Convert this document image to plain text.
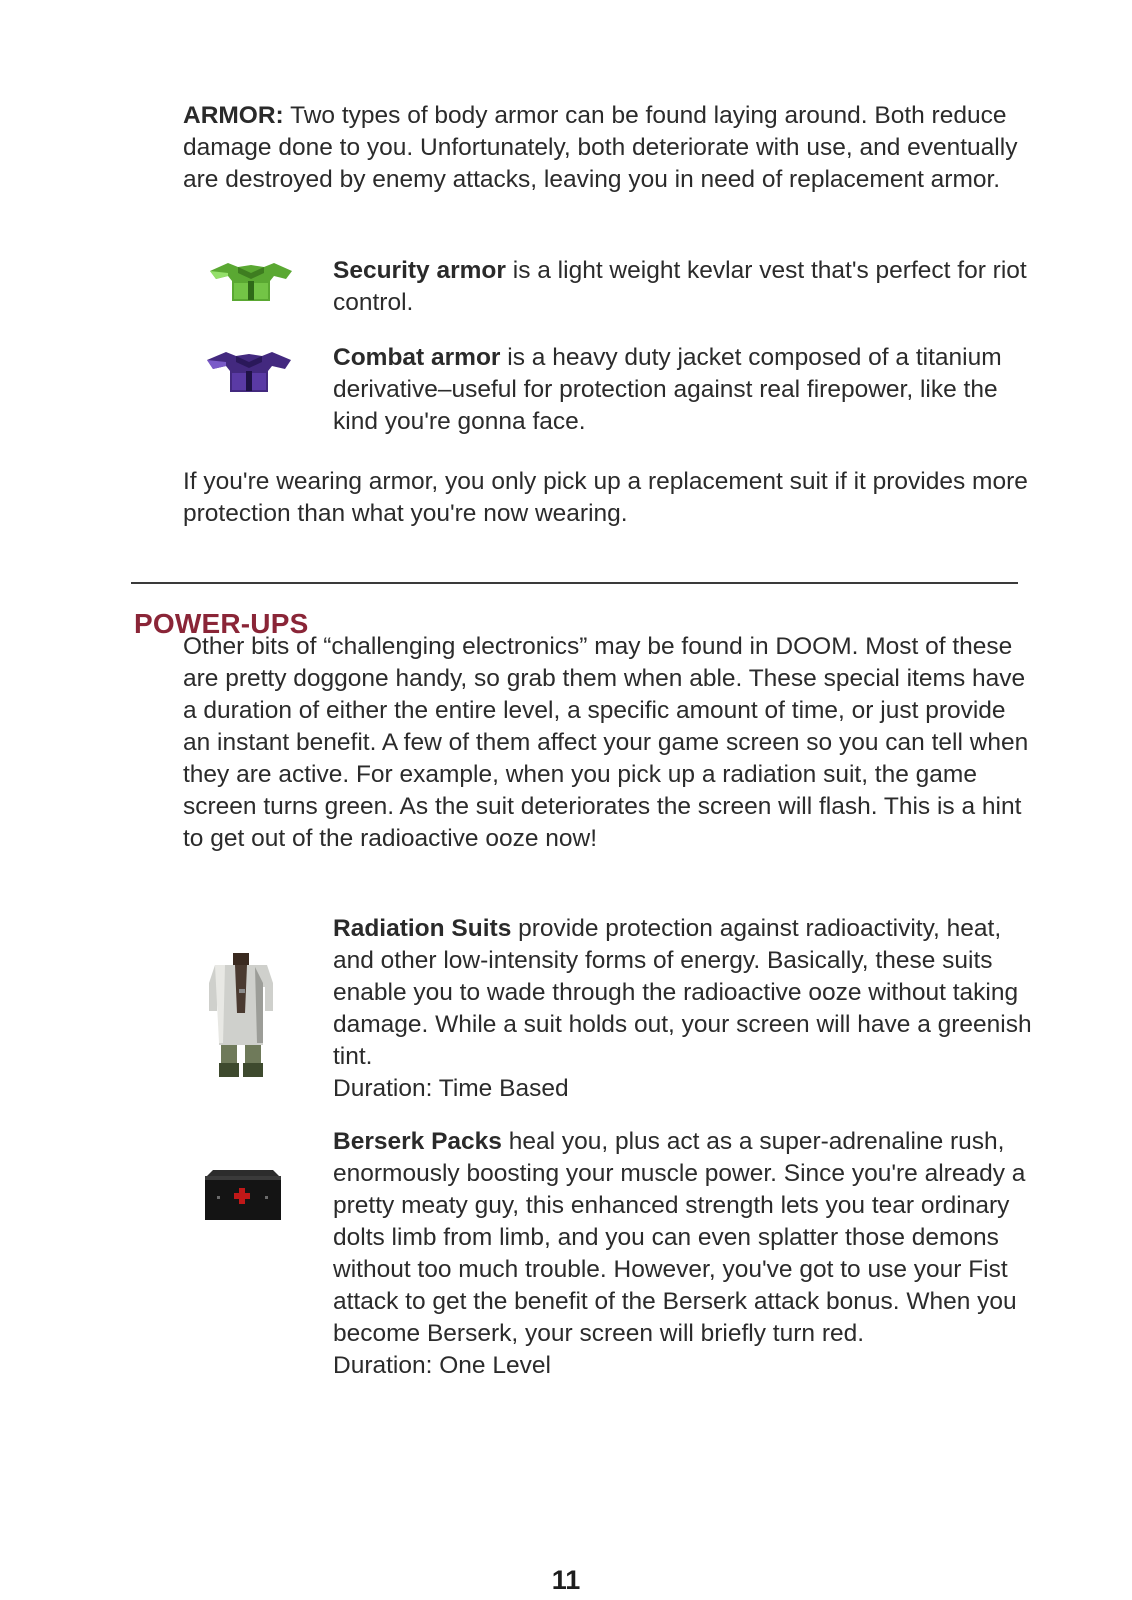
ARMOR: Two types of body armor can be found laying around. Both reduce damage done to you. Unfortunately, both deteriorate with use, and eventually are destroyed by enemy attacks, leaving you in need of replacement armor.

Security armor is a light weight kevlar vest that's perfect for riot control.

Combat armor is a heavy duty jacket composed of a titanium derivative–useful for protection against real firepower, like the kind you're gonna face.

If you're wearing armor, you only pick up a replacement suit if it provides more protection than what you're now wearing.

POWER-UPS

Other bits of “challenging electronics” may be found in DOOM. Most of these are pretty doggone handy, so grab them when able. These special items have a duration of either the entire level, a specific amount of time, or just provide an instant benefit. A few of them affect your game screen so you can tell when they are active. For example, when you pick up a radiation suit, the game screen turns green. As the suit deteriorates the screen will flash. This is a hint to get out of the radioactive ooze now!

Radiation Suits provide protection against radioactivity, heat, and other low-intensity forms of energy. Basically, these suits enable you to wade through the radioactive ooze without taking damage. While a suit holds out, your screen will have a greenish tint.

Duration: Time Based

Berserk Packs heal you, plus act as a super-adrenaline rush, enormously boosting your muscle power. Since you're already a pretty meaty guy, this enhanced strength lets you tear ordinary dolts limb from limb, and you can even splatter those demons without too much trouble. However, you've got to use your Fist attack to get the benefit of the Berserk attack bonus. When you become Berserk, your screen will briefly turn red.

Duration: One Level

11
